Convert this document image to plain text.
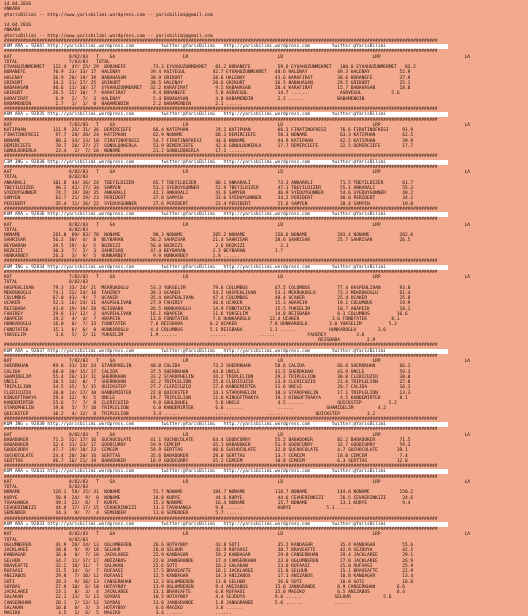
14.04.2016
ANKARA
@YarisBilimi -- http://www.yarisbilimi.wordpress.com -- yarisbilimi@gmail.com

14.04.2016
ANKARA
@YarisBilimi -- http://www.yarisbilimi.wordpress.com -- yarisbilimi@gmail.com
################################################################################################################################################################
KUM ARA = 9284l http://yarisbilimi.wordpress.com          twitter:@YarisBilimi   http://yarisbilimi.wordpress.com        twitter:@YarisBilimi
################################################################################################################################################################
KAT                     8/K2/83   T    GA                         LR                                 LD                                 LRP                               LA
TOTAL                   7/83/83   TUTAL
EYVAHUZUNMEKMET   112.4  4Y/ 25/ 29  BORANEFE          73.3 EYVAHUZUNMEKMET   81.2 BORANEFE          59.6 EYVAHUZUNMEKMET   100.0 EYVAHUZUNMEKMET   83.2
BORANEFE          70.9  23/ 33/ 17  HALENAY           39.4 ASIYEGUL          42.7 EYVAHUZUNMEKMET   48.6 HALENAY           49.3 HALENAY           52.9
HALENAY           36.9  28/ 19/ 19  BABAHASAN         38.9 GRIKURT           38.6 HALENAY           43.6 KARAFIRAT         38.6 BORANEFE          37.9
GRIKURT           34.2  21/ 27/ 25  GRIKURT           38.5 HALENAY           20.6 GRIKURT           36.5 BABAHASAN         29.5 GRIKURT           25.1
BABAHASAN         40.6  11/ 10/ 17  EYVAHUZUNMEKMET   32.2 KARAFIRAT          9.5 BABAHASAN         20.4 KARAFIRAT         15.7 BABAHASAN         18.0
GRIKURT           26.5  15/ 10/  7  KARAFIRAT          9.4 BORANEFE           5.8 ASRVEGUL           14.7 ......            ASRVEGUL           5.6
KARAFIRAT          6.9   2/  7/  3  HALENAY            5.4 BABAHASAN          4.8 BABAMENDIN         2.2 ......            BABAMENDIN
BABAMENDIN         1.7   1/  1/  0  BABAMENDIN         2.2 BABAMENDIN         2.1 ......
################################################################################################################################################################
KUM ARA = 92835 http://yarisbilimi.wordpress.com          twitter:@YarisBilimi   http://yarisbilimi.wordpress.com        twitter:@YarisBilimi
################################################################################################################################################################
KAT                     7/82/83   T    GA                         LR                                 LD                                 LRP                               LA
KATIPHAN          111.9  35/ 31/ 36  DEMIRCIEFE        66.4 KATIPHAN          74.1 KATIPHAN          66.3 FIRATINOFKESI     76.6 FIRATINOFKESI     91.9
FIRATINOFKESI      97.7  28/ 20/ 24  KATIPHAN          62.9 NONAME            68.3 DEMIRCIEFE        50.3 NONAME            63.3 KATIPHAN          62.5
NONAME             80.3  34/ 23/ 10  FIRATINOFKESI     54.7 FIRATINOFKESI     44.6 NONAME            44.9 KATIPHAN          42.5 KATIPHAN          39.9
DEMIRCIEFE         70.7  20/ 27/ 27  GONULDOKERLA      53.9 DEMIRCIEFE        42.6 GONULDOKERLA      17.7 DEMIRCIEFE        22.5 DEMIRCIEFE        17.7
GONULDOKERLA       23.4   2/  7/ 16  NONAME            21.2 GONULDOKERLA      17.1 ......
################################################################################################################################################################
CIM ING = 92838 http://yarisbilimi.wordpress.com          twitter:@YarisBilimi   http://yarisbilimi.wordpress.com        twitter:@YarisBilimi
################################################################################################################################################################
KAT                     8/82/83   T    GA                         LR                                 LD                                 LRP                               LA
TOTAL                   8/82/83
ANKARALI          101.8  44/ 26/ 24  TBEYILDIZER       65.7 TBEYILDIZER       80.1 ANKARALI          73.3 ANKARALI          71.5 TBEYILDIZER       61.7
TBEYILDIZER        96.2  42/ 27/ 34  SAMYEN            53.2 SYEDUYGUNNER      52.9 TBEYILDIZER       47.1 TBEYILDIZER       55.1 ANKARALI          55.3
SYEDUYGUNNER       74.7  19/ 20/ 35  ANKARALI          42.1 ANKARALI          41.6 SAMYEN            46.9 SYEDUYGUNNER      54.6 SYEDUYGUNNER      40.2
SAMYEN             63.7  21/ 29/ 23  PERIDERT          37.0 SAMYEN            33.6 SYEDUYGUNNER      34.2 PERIDERT          40.0 PERIDERT          34.2
PERIDERT           35.4  11/ 26/ 22  SYEDUYGUNNER      27.6 PERIDERT          23.4 PERIDERT          11.6 SAMYEN            20.4 SAMYEN            19.0
################################################################################################################################################################
KUM ARA = 92836 http://yarisbilimi.wordpress.com          twitter:@YarisBilimi   http://yarisbilimi.wordpress.com        twitter:@YarisBilimi
################################################################################################################################################################
KAT                     8/82/83   T    GA                         LR                                 LD                                 LRP                               LA
TOTAL                   8/82/83
NONAME            261.8  89/ 83/ 78  NONAME            98.3 NONAME           205.2 NONAME           150.6 NONAME           203.4 NONAME           202.6
SAHRISAR          56.2  30/  4/  8  BEYBARAN          56.2 SAHRISAR          21.4 SAHRISAR          28.6 SAHRISAR          25.7 SAHRISAR          26.5
BEYBARAN          39.5  19/  6/  5  BOZKIZI           56.0 BOZKIZI            2.6 BOZKIZI             2.1
BOZKIZI           30.3   7/  2/  3  SAHRISAR          47.4 BEYBARAN          2.3 BEYBARAN           1.7
HUNKARBEY         20.3   3/  9/  5  HUNKARBEY          9.9 HUNKARBEY         1.8 ......
################################################################################################################################################################
KUM ING = 92834 http://yarisbilimi.wordpress.com          twitter:@YarisBilimi   http://yarisbilimi.wordpress.com        twitter:@YarisBilimi
################################################################################################################################################################
KAT                     7/82/83   T    GA                         LR                                 LD                                 LRP                               LA
TOTAL                   8/82/83
HASPEHLIVAN       79.3  33/ 24/ 21  MEKRUKOGLU        53.3 YUKSELIM          79.6 COLUMBUS          67.5 COLUMBUS          77.4 HASPEHLIVAN       93.8
MEKRUKOGLU        74.1  22/ 24/ 18  FAHIREY           39.3 UCAKER            54.2 HASPEHLIVAN       53.1 MEKRUKOGLU        73.3 MEKRUKOGLU        61.4
COLUMBUS          67.0  43/  9/  7  UCAKER            35.4 HASPEHLIVAN       47.4 COLUMBUS          48.4 UCAKER            25.4 UCAKER            25.8
UCAKER            52.3  16/ 24/ 11  HASPEHLIVAN       27.9 FAHIREY           36.6 UCAKER            15.3 ABAPEIK           19.1 COLUMBUS          19.9
REISBABA          43.8  19/ 19/ 20  REISBABA          26.5 HUNKAROGLU        14.9 FONDTATEK         15.5 YUKSELIM          10.7 ABAPEIK           18.1
FAHIREY           29.6  13/ 12/  2  HASPEHLIVAN       16.1 ABAPEIK           11.6 YUKSELIM          14.0 REISBABA          8.1 COLUMBUS          16.6
ABAPEIK           19.2   4/  4/  7  ABAPEIK           12.6 FONDTATEK         7.6 HUNKAROGLU       12.4 UCAKER            3.6 FONDTATEK         8.1
HUNKAROGLU        16.0   0/  7/ 13  FONDTATEK         7.6 REISBABA          6.2 UCAKER            7.8 HUNKAROGLU        3.0 YUKSELIM          5.2
FONDTATEK         15.1   6/  6/  8  HUNKAROGLU        4.4 COLUMBUS          5.1 REISBABA          1.1 ......            HUNKAROGLU        3.6
YUKSELIM           3.6   5/  2/ 11  YUKSELIM          1.9 ......            ......            ......            FAHIREY           3.6
REISBABA          2.9
################################################################################################################################################################
KUM ARA = 92837 http://yarisbilimi.wordpress.com          twitter:@YarisBilimi   http://yarisbilimi.wordpress.com        twitter:@YarisBilimi
################################################################################################################################################################
KAT                     7/82/83   T    GA                         LR                                 LD                                 LRP                               LA
SHERRKHAN         89.8  33/ 24/ 24  STAROPHELIN       48.0 CALIDA            73.2 SHERRKHAN         58.6 CALIDA            66.8 SHERRKHAN         66.1
CALIDA            68.0  30/ 15/ 17  CALIDA            37.5 SHERRKHAN         44.8 UNCLE             31.5 SHERRKHAN         43.9 UNCLE             59.3
SHAMIDELIM        55.4  26/ 13/ 11  SHERRKHAN         33.2 STAROPHELIN       34.2 TRIPLELION        29.3 TRIPLELION        30.0 CLERICUZIO        30.0
UNCLE             38.5  34/  8/  7  SHERRKHAN         32.2 TRIPLELION        25.0 CLERICUZIO        23.0 CLERICUZIO        21.6 TRIPLELION        27.0
TRIPLELION        34.5  15/  5/ 15  QUICKSTEP         27.7 CLERICUZIO        17.6 KANDEMIRTEK       21.6 UNCLE             20.7 CALIDA            16.1
CLERICUZIO        30.0  14/ 17/ 10  KANDEMIRTEK       22.8 QUICKSTEP         14.3 STAROPHELIN       18.3 STAROPHELIN       17.1 TRIPLELION        13.3
KINGOFTRAKYA      29.4  12/  9/  5  UNCLE             19.7 TRIPLELION        11.8 KINGOFTRAKYA      19.3 KINGOFTRAKYA       4.5 KANDEMIRTEK       8.1
KANDEMIRTEK       25.6   7/  7/  8  CLERICUZIO         9.0 GOULDOHEL          5.8 UNCLE              4.5 ......            QUICKSTEP          5.2
STAROPHELIN       19.8   5/  7/ 10  TRIPLELION         6.0 KANDEMIRTEK        6.6 ......             ......            SHAMIDELIM         4.2
QUICKSTEP         16.2   4/ 12/  8  TRIPLELION         3.4 ......             ......             ......            QUICKSTEP          3.2
################################################################################################################################################################
KUM ING = 92830 http://yarisbilimi.wordpress.com          twitter:@YarisBilimi   http://yarisbilimi.wordpress.com        twitter:@YarisBilimi
################################################################################################################################################################
KAT                     8/82/83   T    GA                         LR                                 LD                                 LRP                               LA
BABADOKER         71.2  32/ 17/ 16  SUCHOCOLATE       41.1 SUCHOCOLATE       64.4 GOODCURRY         55.2 BABADOKER         82.2 BABADOKER         71.5
BABADOKER         32.4  31/ 23/ 17  GOODCURRY         59.9 CEMCEM            45.1 BABADOKER         51.9 GOODCURRY         32.7 GOODCURRY         59.3
GOODCURRY         47.7  19/ 18/ 23  CEMCEM            59.9 SERTTAS           40.6 SUCHOCOLATE       32.8 SUCHOCOLATE       4.7 SUCHOCOLATE       39.1
SUCHOCOLATE       24.4  20/ 20/ 16  SERTTAS           35.6 BABADOKER         28.0 SERTTAS           13.7 CEMCEM            18.0 CEMCEM            7.4
SERTTAS           46.7  16/ 21/ 19  BABADOKER         16.9 GOODCURRY         35.2 CEMCEM            10.8 CEMCEM            6.3 SERTTAS           12.8
################################################################################################################################################################
KUM ARA = 92831 http://yarisbilimi.wordpress.com          twitter:@YarisBilimi   http://yarisbilimi.wordpress.com        twitter:@YarisBilimi
################################################################################################################################################################
KAT                     8/82/83   T    GA                         LR                                 LD                                 LRP                               LA
TOTAL                   8/82/83
NONAME            128.1  58/ 25/ 31  NONAME            55.7 NONAME           184.7 NONAME           118.7 NONAME           144.0 NONAME           150.2
KURYE              50.9  24/  9/  8  NONAME            18.8 KURYE             44.6 KURYE             44.6 CEVHERINKIZI      26.5 CEVHERINKIZI      24.6
TAVAHANGA          49.3  22/  8/  7  KURYE             15.3 NONAME            16.4 NONAME            15.7 NONAME            13.1 KURYE             9.4
CEVHERINKIZI       44.9  17/ 17/ 15  CEVHERINKIZI      11.3 TAVAHANGA         9.8 ......             KURYE             5.1 ......
SEMENDER           14.3   9/  7/  4  SEMENDER          11.0 SEMENDER          5.7 ......
################################################################################################################################################################
KUM ARA = 92833 http://yarisbilimi.wordpress.com          twitter:@YarisBilimi   http://yarisbilimi.wordpress.com        twitter:@YarisBilimi
################################################################################################################################################################
KAT                     8/82/83   T    GA                         LR                                 LD                                 LRP                               LA
TOTAL                   8/82/83
OGLUMBEREN         41.9  28/ 24/ 13  OGLUMBEREN        26.6 HOTAYBOY          43.8 SOTI              35.2 KANDAGAR          35.4 KANDAGAR          55.6
JACKLAREE          38.0   9/  9/ 18  SELHUR            26.0 SELHUR            42.9 RUFAASI           30.7 BRAVEAFTE         42.9 SEJDUYA           42.1
KANDAGAR           36.0   8/  7/ 18  JACKLAREE         22.9 KANDAGAR          19.2 KANDAGAR          29.8 CANSERKHAN        29.4 JACKLAREE         29.1
SELHUR             34.7  11/ 17/ 17  ANIZABOS          22.8 JANOGRANDE        17.4 CANSERKHAN        23.0 OGLUMBEREN        27.8 JACKLAREE         26.9
BRAVEAFTE          32.2  10/ 11/  7  SALAKAN           22.6 SOTI              16.2 SALAKAN           23.0 RUFAASI           25.0 RUFAASI           25.9
RUFAASI            31.5  14/  6/  7  RUFAASI           17.5 BRAVEAFTE         16.1 JACKLAREE         21.0 SELHUR            15.1 BRAVEAFTE         22.9
ANIZABOS           29.8   7/ 10/ 12  RUFAASI           12.5 KANDAGAR          14.3 ANIZABOS          17.1 ANIZABOS          10.8 KANDAGAR          13.4
SOTI               28.3   9/ 10/ 13  CANSERKHAN        12.3 OGLUMBEREN        11.0 SELHUR            16.6 SOTI              10.8 SOTI              10.8
SOYBAS             27.9  10/  6/ 10  HOTAYBOY          13.9 OGLUMBEREN        9.4 ANIZABOS          15.0 JANOGRANDE        8.9 CANSERKHAN        6.6
JACKLAREE          23.1   8/  3/  4  JACKLAREE         13.1 BRAVEAFTE         6.8 RUFAASI           15.0 MAGIKO            6.5 ANIZABOS          6.4
SALAKAN            22.1  13/  5/ 13  SOYBAS            10.5 HOTAYBOY          4.4 SEJDUYA           9.0 ......            SELHUR            5.6
CANSERKHAN         20.1   2/ 13/ 12  SOYBAS            11.8 JANOGRANDE        1.8 JANOGRANDE        5.6 ......            ......
SALAKAN            10.0   8/  3/  3  HOTAYBOY           6.6 MAGIKO            3.6 ......
MAGIKO              3.5   1/  6/  5  MAGIKO             3.4 ......            ......
